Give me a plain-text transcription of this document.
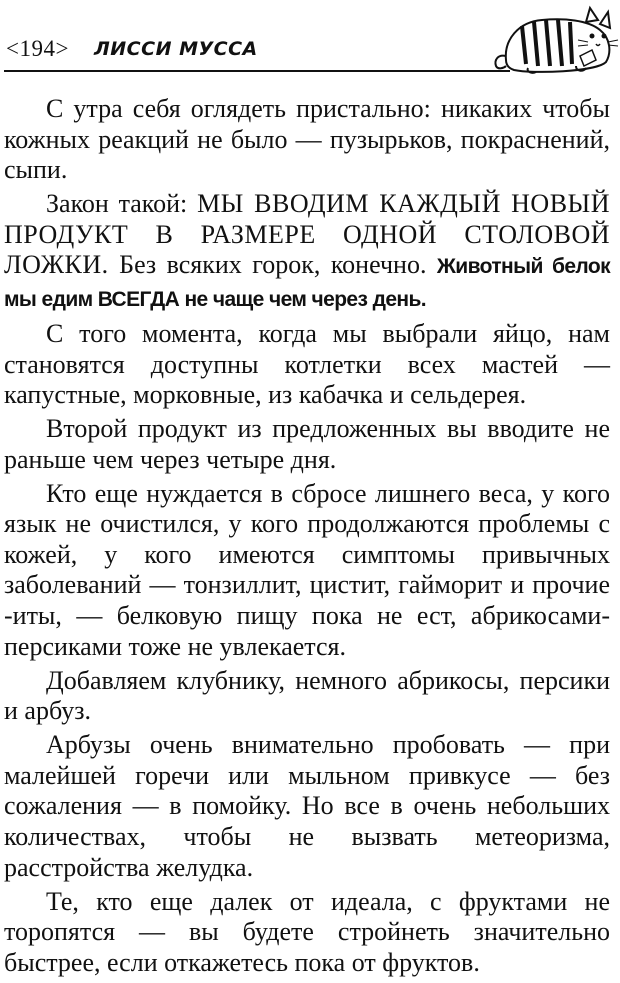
<194> ЛИССИ МУССА

С утра себя оглядеть пристально: никаких чтобы кожных реакций не было — пузырьков, покраснений, сыпи.

Закон такой: МЫ ВВОДИМ КАЖДЫЙ НОВЫЙ ПРОДУКТ В РАЗМЕРЕ ОДНОЙ СТОЛОВОЙ ЛОЖКИ. Без всяких горок, конечно. Животный белок мы едим ВСЕГДА не чаще чем через день.

С того момента, когда мы выбрали яйцо, нам становятся доступны котлетки всех мастей — капустные, морковные, из кабачка и сельдерея.

Второй продукт из предложенных вы вводите не раньше чем через четыре дня.

Кто еще нуждается в сбросе лишнего веса, у кого язык не очистился, у кого продолжаются проблемы с кожей, у кого имеются симптомы привычных заболеваний — тонзиллит, цистит, гайморит и прочие -иты, — белковую пищу пока не ест, абрикосами-персиками тоже не увлекается.

Добавляем клубнику, немного абрикосы, персики и арбуз.

Арбузы очень внимательно пробовать — при малейшей горечи или мыльном привкусе — без сожаления — в помойку. Но все в очень небольших количествах, чтобы не вызвать метеоризма, расстройства желудка.

Те, кто еще далек от идеала, с фруктами не торопятся — вы будете стройнеть значительно быстрее, если откажетесь пока от фруктов.
